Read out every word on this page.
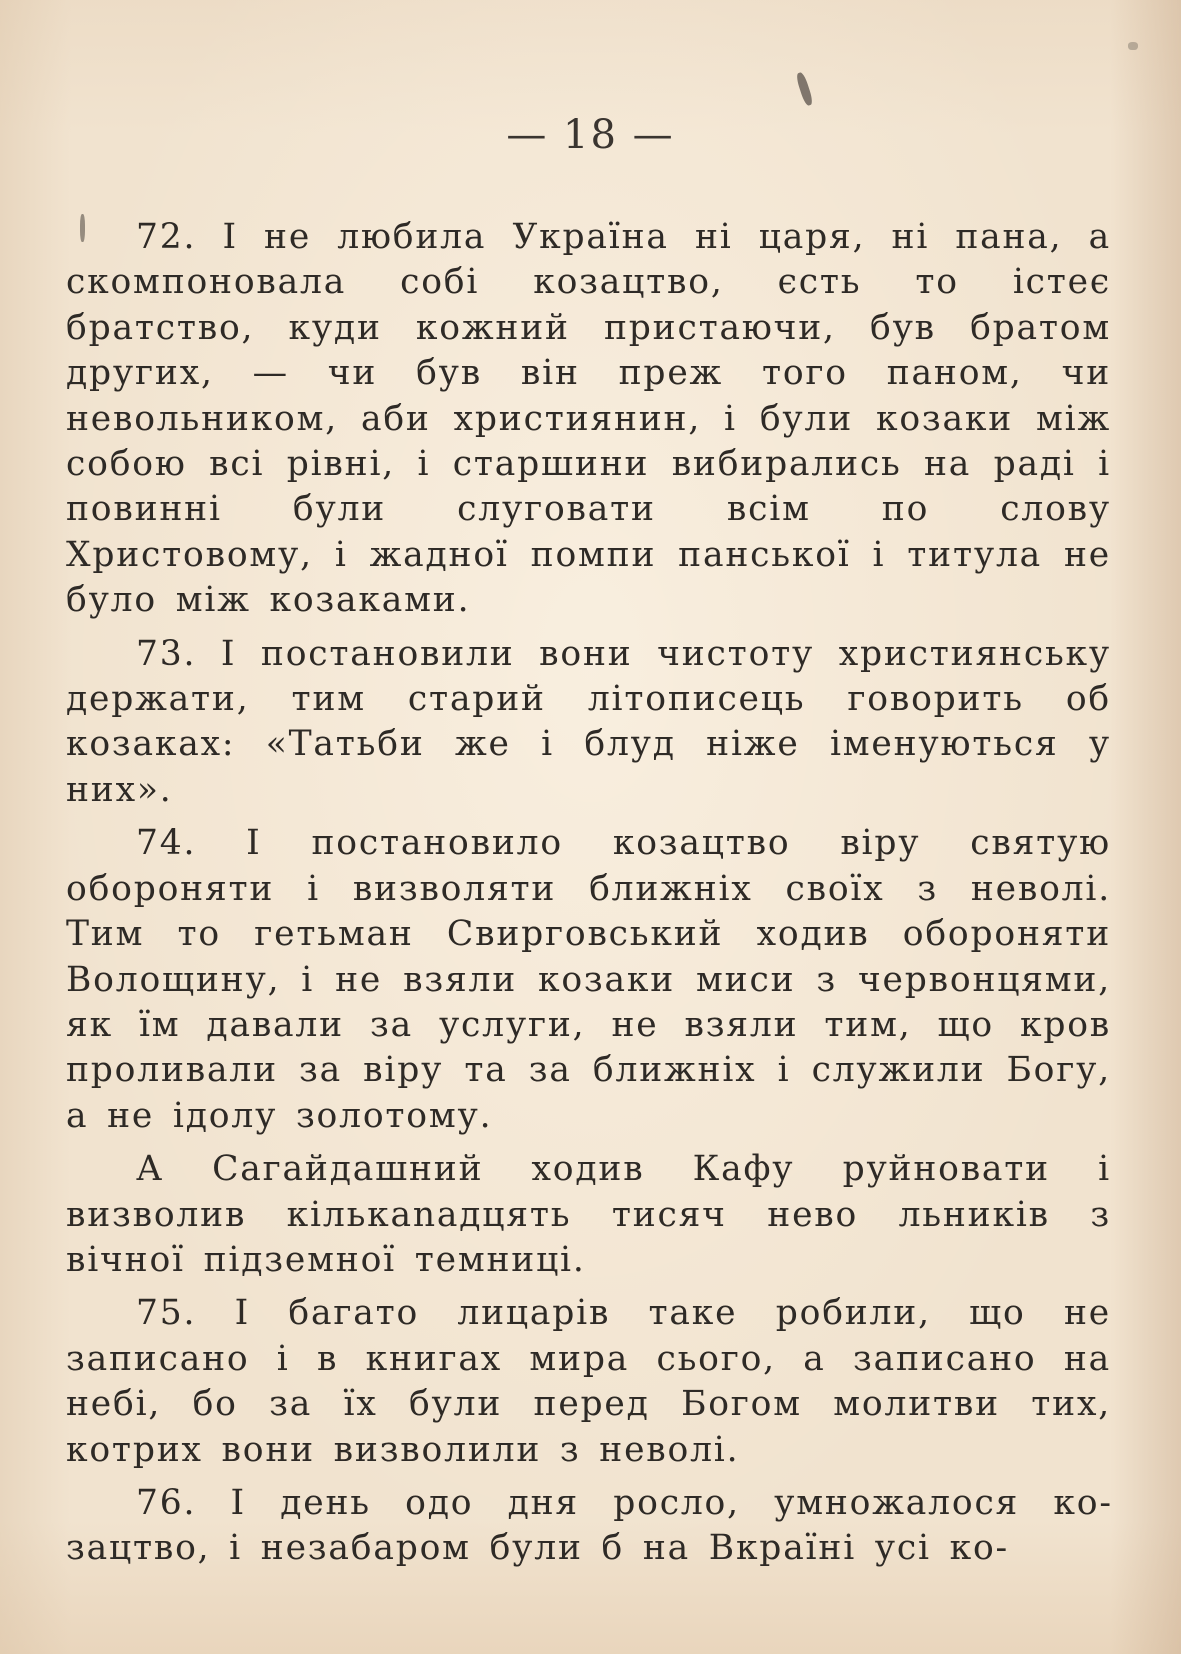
— 18 —

72. І не любила Україна ні царя, ні пана, а скомпоновала собі козацтво, єсть то істеє братство, куди кожний пристаючи, був братом других, — чи був він преж того паном, чи невольником, аби християнин, і були козаки між собою всі рівні, і старшини вибирались на раді і повинні були слуговати всім по слову Христовому, і жадної помпи панської і титула не було між козаками.

73. І постановили вони чистоту християнську держати, тим старий літописець говорить об козаках: «Татьби же і блуд ніже іменуються у них».

74. І постановило козацтво віру святую обороняти і визволяти ближніх своїх з неволі. Тим то гетьман Свирговський ходив обороняти Волощину, і не взяли козаки миси з червонцями, як їм давали за услуги, не взяли тим, що кров проливали за віру та за ближніх і служили Богу, а не ідолу золотому.

А Сагайдашний ходив Кафу руйновати і визволив кількаnадцять тисяч нево льників з вічної підземної темниці.

75. І багато лицарів таке робили, що не записано і в книгах мира сього, а записано на небі, бо за їх були перед Богом молитви тих, котрих вони визволили з неволі.

76. І день одо дня росло, умножалося козацтво, і незабаром були б на Вкраїні усі ко-
